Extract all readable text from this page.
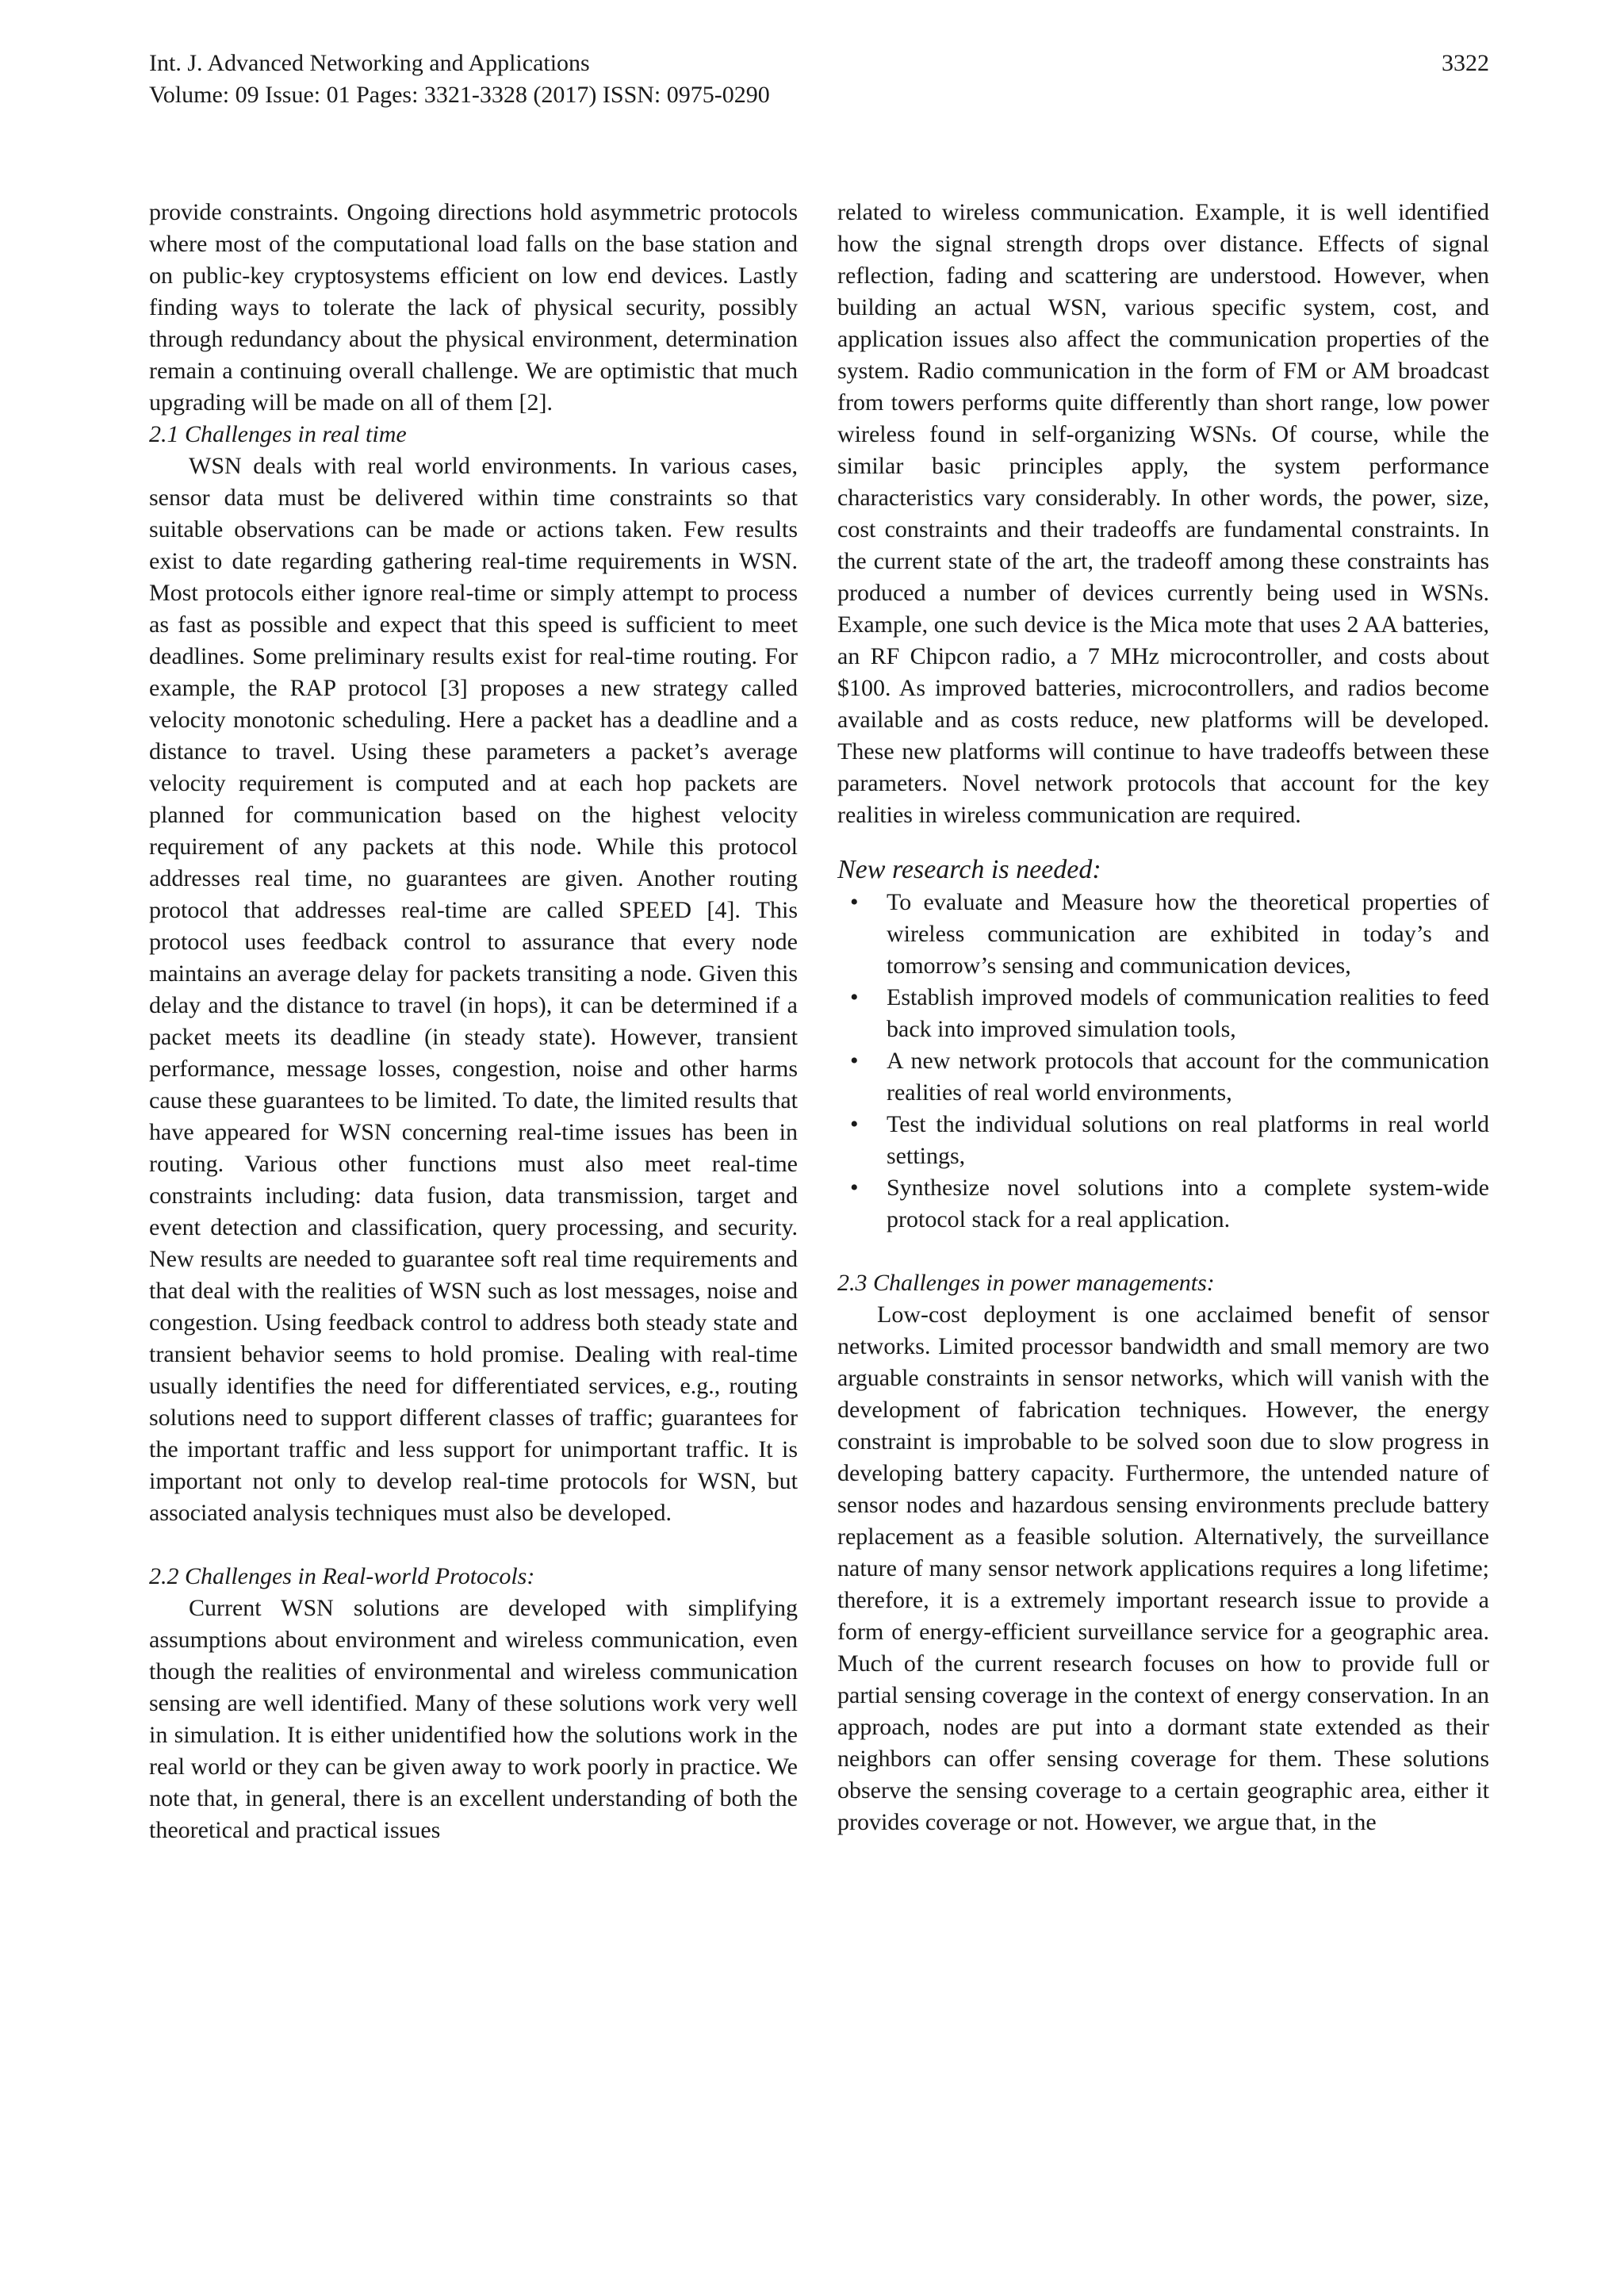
Int. J. Advanced Networking and Applications
Volume: 09 Issue: 01 Pages: 3321-3328 (2017) ISSN: 0975-0290
3322

provide constraints. Ongoing directions hold asymmetric protocols where most of the computational load falls on the base station and on public-key cryptosystems efficient on low end devices. Lastly finding ways to tolerate the lack of physical security, possibly through redundancy about the physical environment, determination remain a continuing overall challenge. We are optimistic that much upgrading will be made on all of them [2].

2.1 Challenges in real time

WSN deals with real world environments. In various cases, sensor data must be delivered within time constraints so that suitable observations can be made or actions taken. Few results exist to date regarding gathering real-time requirements in WSN. Most protocols either ignore real-time or simply attempt to process as fast as possible and expect that this speed is sufficient to meet deadlines. Some preliminary results exist for real-time routing. For example, the RAP protocol [3] proposes a new strategy called velocity monotonic scheduling. Here a packet has a deadline and a distance to travel. Using these parameters a packet’s average velocity requirement is computed and at each hop packets are planned for communication based on the highest velocity requirement of any packets at this node. While this protocol addresses real time, no guarantees are given. Another routing protocol that addresses real-time are called SPEED [4]. This protocol uses feedback control to assurance that every node maintains an average delay for packets transiting a node. Given this delay and the distance to travel (in hops), it can be determined if a packet meets its deadline (in steady state). However, transient performance, message losses, congestion, noise and other harms cause these guarantees to be limited. To date, the limited results that have appeared for WSN concerning real-time issues has been in routing. Various other functions must also meet real-time constraints including: data fusion, data transmission, target and event detection and classification, query processing, and security. New results are needed to guarantee soft real time requirements and that deal with the realities of WSN such as lost messages, noise and congestion. Using feedback control to address both steady state and transient behavior seems to hold promise. Dealing with real-time usually identifies the need for differentiated services, e.g., routing solutions need to support different classes of traffic; guarantees for the important traffic and less support for unimportant traffic. It is important not only to develop real-time protocols for WSN, but associated analysis techniques must also be developed.

2.2 Challenges in Real-world Protocols:

Current WSN solutions are developed with simplifying assumptions about environment and wireless communication, even though the realities of environmental and wireless communication sensing are well identified. Many of these solutions work very well in simulation. It is either unidentified how the solutions work in the real world or they can be given away to work poorly in practice. We note that, in general, there is an excellent understanding of both the theoretical and practical issues

related to wireless communication. Example, it is well identified how the signal strength drops over distance. Effects of signal reflection, fading and scattering are understood. However, when building an actual WSN, various specific system, cost, and application issues also affect the communication properties of the system. Radio communication in the form of FM or AM broadcast from towers performs quite differently than short range, low power wireless found in self-organizing WSNs. Of course, while the similar basic principles apply, the system performance characteristics vary considerably. In other words, the power, size, cost constraints and their tradeoffs are fundamental constraints. In the current state of the art, the tradeoff among these constraints has produced a number of devices currently being used in WSNs. Example, one such device is the Mica mote that uses 2 AA batteries, an RF Chipcon radio, a 7 MHz microcontroller, and costs about $100. As improved batteries, microcontrollers, and radios become available and as costs reduce, new platforms will be developed. These new platforms will continue to have tradeoffs between these parameters. Novel network protocols that account for the key realities in wireless communication are required.

New research is needed:

• To evaluate and Measure how the theoretical properties of wireless communication are exhibited in today’s and tomorrow’s sensing and communication devices,
• Establish improved models of communication realities to feed back into improved simulation tools,
• A new network protocols that account for the communication realities of real world environments,
• Test the individual solutions on real platforms in real world settings,
• Synthesize novel solutions into a complete system-wide protocol stack for a real application.

2.3 Challenges in power managements:

Low-cost deployment is one acclaimed benefit of sensor networks. Limited processor bandwidth and small memory are two arguable constraints in sensor networks, which will vanish with the development of fabrication techniques. However, the energy constraint is improbable to be solved soon due to slow progress in developing battery capacity. Furthermore, the untended nature of sensor nodes and hazardous sensing environments preclude battery replacement as a feasible solution. Alternatively, the surveillance nature of many sensor network applications requires a long lifetime; therefore, it is a extremely important research issue to provide a form of energy-efficient surveillance service for a geographic area. Much of the current research focuses on how to provide full or partial sensing coverage in the context of energy conservation. In an approach, nodes are put into a dormant state extended as their neighbors can offer sensing coverage for them. These solutions observe the sensing coverage to a certain geographic area, either it provides coverage or not. However, we argue that, in the
